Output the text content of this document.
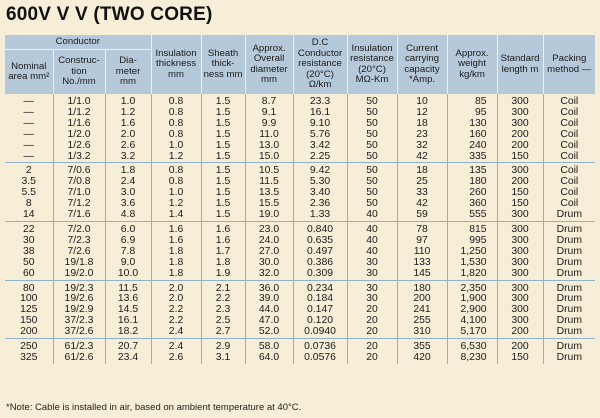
600V V V (TWO CORE)
Conductor			Insulation thickness mm	Sheath thick- ness mm	Approx. Overall diameter mm	D.C Conductor resistance (20°C) Ω/km	Insulation resistance (20°C) MΩ-Km	Current carrying capacity *Amp.	Approx. weight kg/km	Standard length m	Packing method —
Nominal area mm²	Construc- tion No./mm	Dia- meter mm									
—	1/1.0	1.0	0.8	1.5	8.7	23.3	50	10	85	300	Coil
—	1/1.2	1.2	0.8	1.5	9.1	16.1	50	12	95	300	Coil
—	1/1.6	1.6	0.8	1.5	9.9	9.10	50	18	130	300	Coil
—	1/2.0	2.0	0.8	1.5	11.0	5.76	50	23	160	200	Coil
—	1/2.6	2.6	1.0	1.5	13.0	3.42	50	32	240	200	Coil
—	1/3.2	3.2	1.2	1.5	15.0	2.25	50	42	335	150	Coil
2	7/0.6	1.8	0.8	1.5	10.5	9.42	50	18	135	300	Coil
3.5	7/0.8	2.4	0.8	1.5	11.5	5.30	50	25	180	200	Coil
5.5	7/1.0	3.0	1.0	1.5	13.5	3.40	50	33	260	150	Coil
8	7/1.2	3.6	1.2	1.5	15.5	2.36	50	42	360	150	Coil
14	7/1.6	4.8	1.4	1.5	19.0	1.33	40	59	555	300	Drum
22	7/2.0	6.0	1.6	1.6	23.0	0.840	40	78	815	300	Drum
30	7/2.3	6.9	1.6	1.6	24.0	0.635	40	97	995	300	Drum
38	7/2.6	7.8	1.8	1.7	27.0	0.497	40	110	1,250	300	Drum
50	19/1.8	9.0	1.8	1.8	30.0	0.386	30	133	1,530	300	Drum
60	19/2.0	10.0	1.8	1.9	32.0	0.309	30	145	1,820	300	Drum
80	19/2.3	11.5	2.0	2.1	36.0	0.234	30	180	2,350	300	Drum
100	19/2.6	13.6	2.0	2.2	39.0	0.184	30	200	1,900	300	Drum
125	19/2.9	14.5	2.2	2.3	44.0	0.147	20	241	2,900	300	Drum
150	37/2.3	16.1	2.2	2.5	47.0	0.120	20	255	4,100	300	Drum
200	37/2.6	18.2	2.4	2.7	52.0	0.0940	20	310	5,170	200	Drum
250	61/2.3	20.7	2.4	2.9	58.0	0.0736	20	355	6,530	200	Drum
325	61/2.6	23.4	2.6	3.1	64.0	0.0576	20	420	8,230	150	Drum
*Note: Cable is installed in air, based on ambient temperature at 40°C.
